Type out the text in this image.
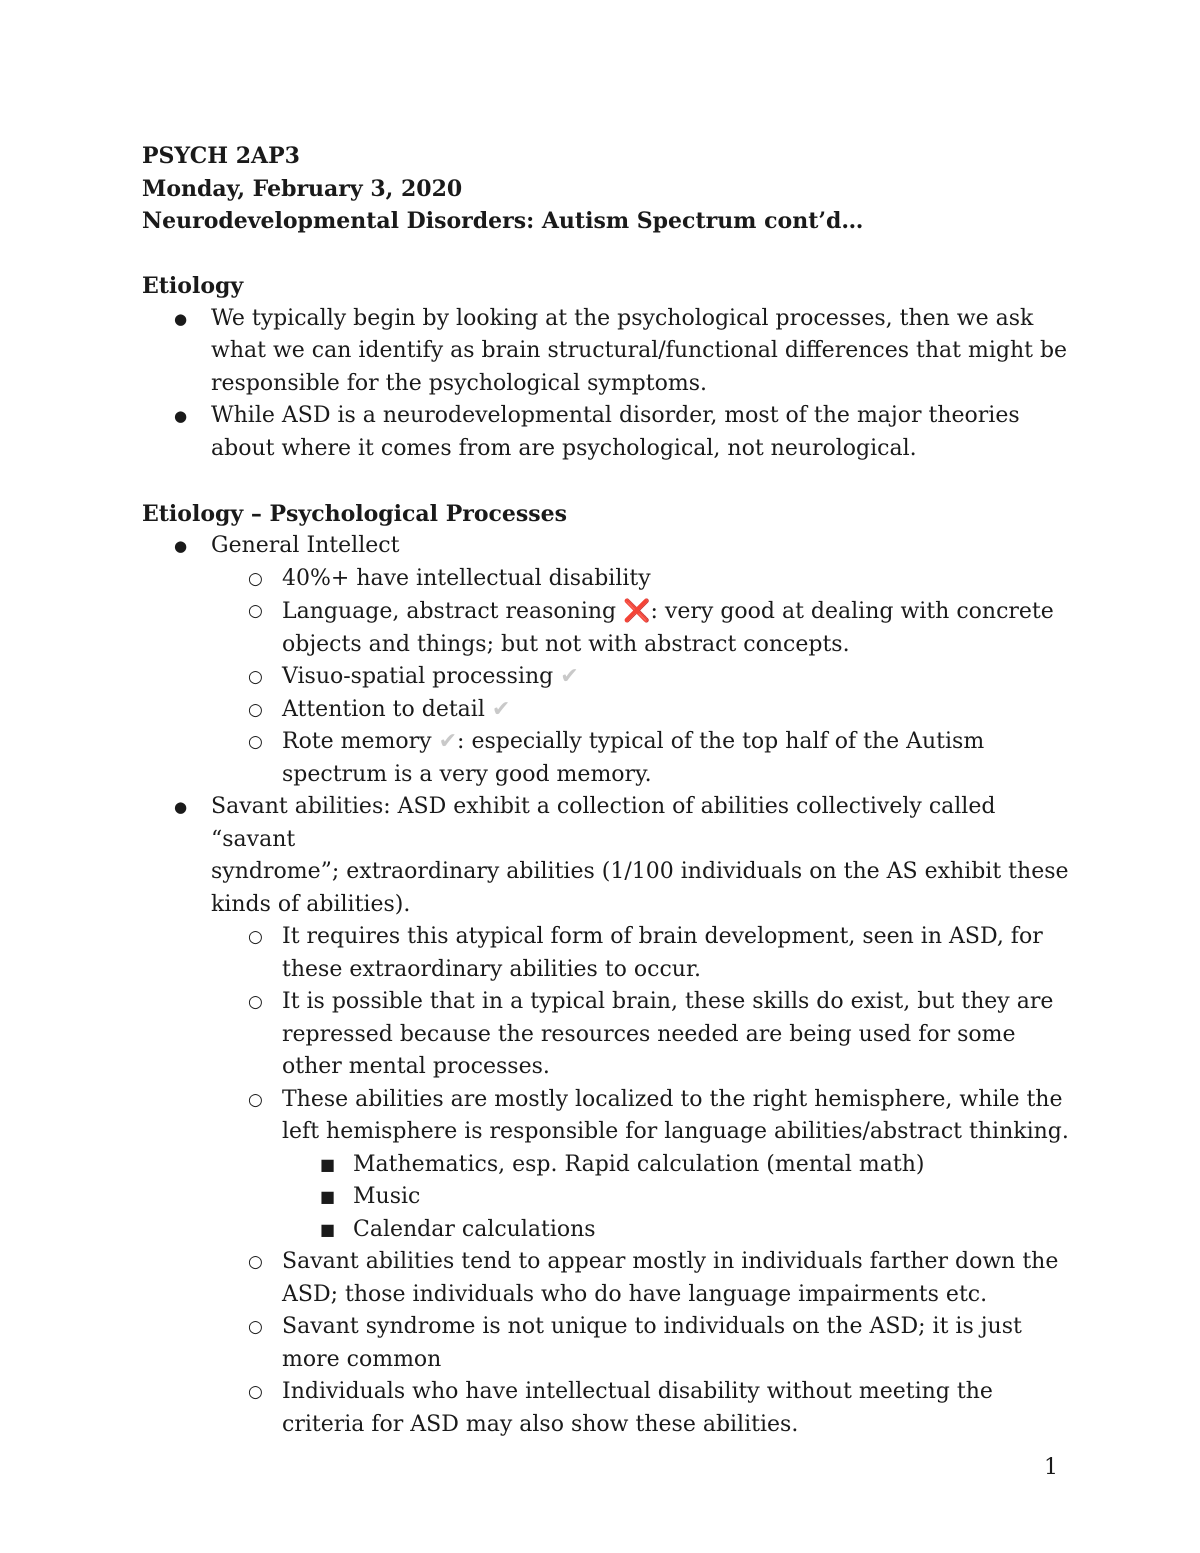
PSYCH 2AP3
Monday, February 3, 2020
Neurodevelopmental Disorders: Autism Spectrum cont’d…
Etiology
● We typically begin by looking at the psychological processes, then we ask
what we can identify as brain structural/functional differences that might be
responsible for the psychological symptoms.
● While ASD is a neurodevelopmental disorder, most of the major theories
about where it comes from are psychological, not neurological.
Etiology – Psychological Processes
● General Intellect
○ 40%+ have intellectual disability
○ Language, abstract reasoning ❌: very good at dealing with concrete
objects and things; but not with abstract concepts.
○ Visuo-spatial processing ✔︎
○ Attention to detail ✔︎
○ Rote memory ✔︎: especially typical of the top half of the Autism
spectrum is a very good memory.
● Savant abilities: ASD exhibit a collection of abilities collectively called “savant
syndrome”; extraordinary abilities (1/100 individuals on the AS exhibit these
kinds of abilities).
○ It requires this atypical form of brain development, seen in ASD, for
these extraordinary abilities to occur.
○ It is possible that in a typical brain, these skills do exist, but they are
repressed because the resources needed are being used for some
other mental processes.
○ These abilities are mostly localized to the right hemisphere, while the
left hemisphere is responsible for language abilities/abstract thinking.
■ Mathematics, esp. Rapid calculation (mental math)
■ Music
■ Calendar calculations
○ Savant abilities tend to appear mostly in individuals farther down the
ASD; those individuals who do have language impairments etc.
○ Savant syndrome is not unique to individuals on the ASD; it is just
more common
○ Individuals who have intellectual disability without meeting the
criteria for ASD may also show these abilities.
1
